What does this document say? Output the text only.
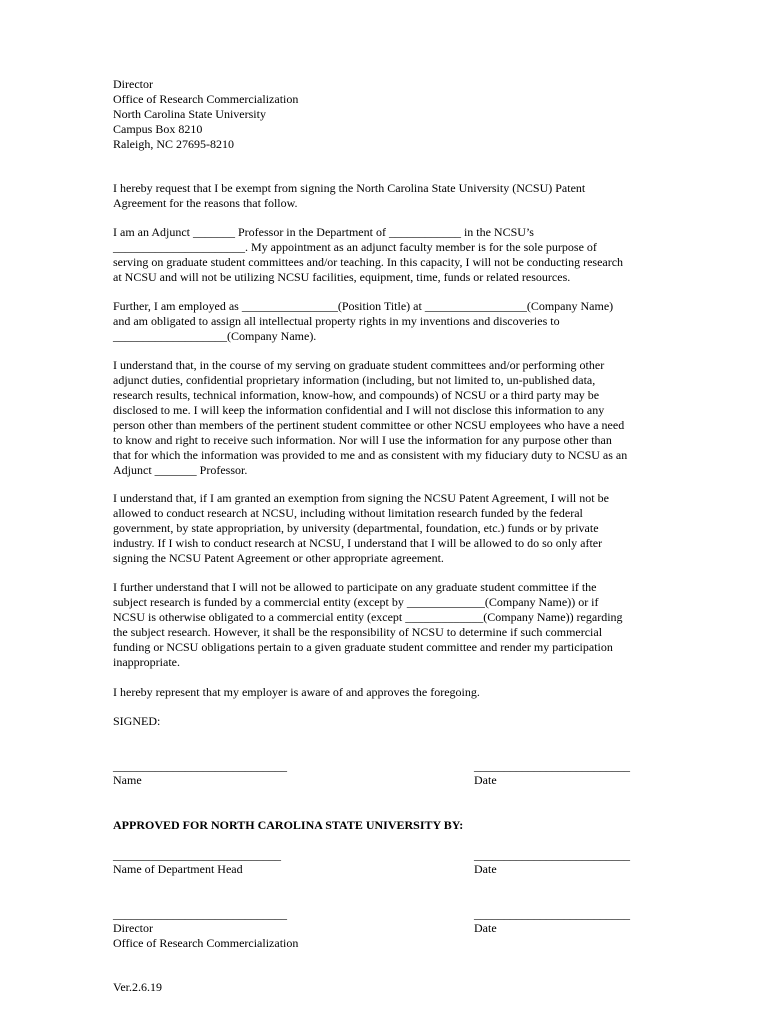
Director
Office of Research Commercialization
North Carolina State University
Campus Box 8210
Raleigh, NC 27695-8210
I hereby request that I be exempt from signing the North Carolina State University (NCSU) Patent
Agreement for the reasons that follow.
I am an Adjunct _______ Professor in the Department of ____________ in the NCSU’s
______________________. My appointment as an adjunct faculty member is for the sole purpose of
serving on graduate student committees and/or teaching. In this capacity, I will not be conducting research
at NCSU and will not be utilizing NCSU facilities, equipment, time, funds or related resources.
Further, I am employed as ________________(Position Title) at _________________(Company Name)
and am obligated to assign all intellectual property rights in my inventions and discoveries to
___________________(Company Name).
I understand that, in the course of my serving on graduate student committees and/or performing other
adjunct duties, confidential proprietary information (including, but not limited to, un-published data,
research results, technical information, know-how, and compounds) of NCSU or a third party may be
disclosed to me. I will keep the information confidential and I will not disclose this information to any
person other than members of the pertinent student committee or other NCSU employees who have a need
to know and right to receive such information. Nor will I use the information for any purpose other than
that for which the information was provided to me and as consistent with my fiduciary duty to NCSU as an
Adjunct _______ Professor.
I understand that, if I am granted an exemption from signing the NCSU Patent Agreement, I will not be
allowed to conduct research at NCSU, including without limitation research funded by the federal
government, by state appropriation, by university (departmental, foundation, etc.) funds or by private
industry. If I wish to conduct research at NCSU, I understand that I will be allowed to do so only after
signing the NCSU Patent Agreement or other appropriate agreement.
I further understand that I will not be allowed to participate on any graduate student committee if the
subject research is funded by a commercial entity (except by _____________(Company Name)) or if
NCSU is otherwise obligated to a commercial entity (except _____________(Company Name)) regarding
the subject research. However, it shall be the responsibility of NCSU to determine if such commercial
funding or NCSU obligations pertain to a given graduate student committee and render my participation
inappropriate.
I hereby represent that my employer is aware of and approves the foregoing.
SIGNED:
_____________________________
Name
__________________________
Date
APPROVED FOR NORTH CAROLINA STATE UNIVERSITY BY:
____________________________
Name of Department Head
__________________________
Date
_____________________________
Director
Office of Research Commercialization
__________________________
Date
Ver.2.6.19
